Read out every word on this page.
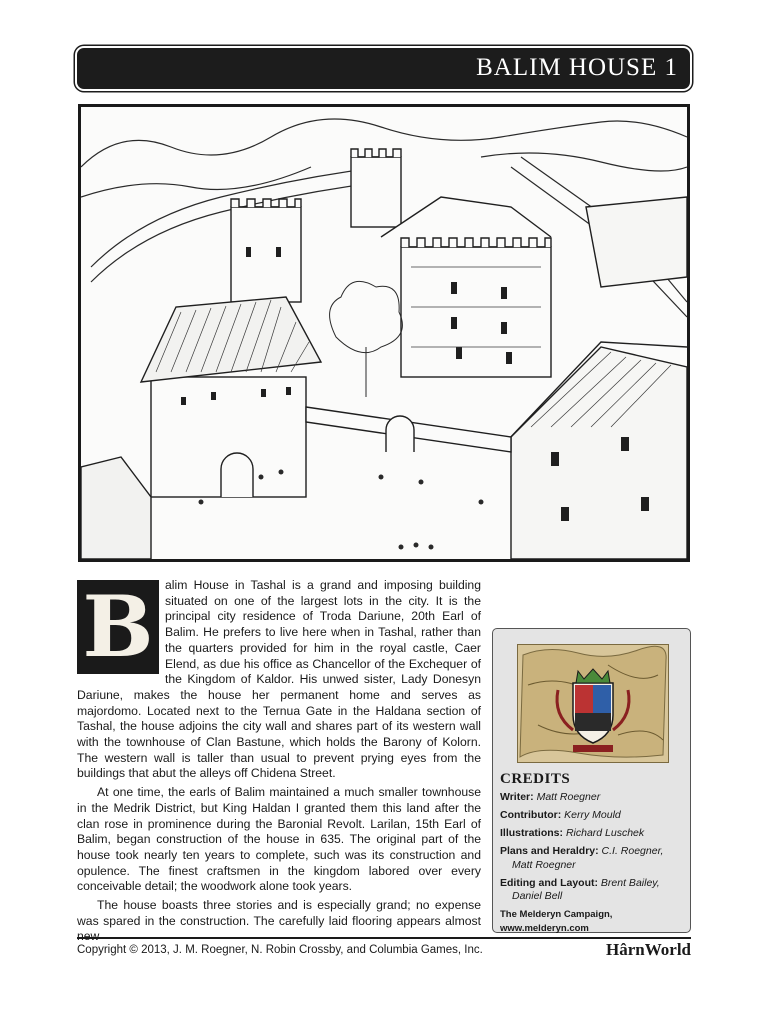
BALIM HOUSE 1
B alim House in Tashal is a grand and imposing building situated on one of the largest lots in the city. It is the principal city residence of Troda Dariune, 20th Earl of Balim. He prefers to live here when in Tashal, rather than the quarters provided for him in the royal castle, Caer Elend, as due his office as Chancellor of the Exchequer of the Kingdom of Kaldor. His unwed sister, Lady Donesyn Dariune, makes the house her permanent home and serves as majordomo. Located next to the Ternua Gate in the Haldana section of Tashal, the house adjoins the city wall and shares part of its western wall with the townhouse of Clan Bastune, which holds the Barony of Kolorn. The western wall is taller than usual to prevent prying eyes from the buildings that abut the alleys off Chidena Street.

At one time, the earls of Balim maintained a much smaller townhouse in the Medrik District, but King Haldan I granted them this land after the clan rose in prominence during the Baronial Revolt. Larilan, 15th Earl of Balim, began construction of the house in 635. The original part of the house took nearly ten years to complete, such was its construction and opulence. The finest craftsmen in the kingdom labored over every conceivable detail; the woodwork alone took years.

The house boasts three stories and is especially grand; no expense was spared in the construction. The carefully laid flooring appears almost

CREDITS
Writer: Matt Roegner
Contributor: Kerry Mould
Illustrations: Richard Luschek
Plans and Heraldry: C.I. Roegner,
Matt Roegner
Editing and Layout: Brent Bailey,
Daniel Bell
The Melderyn Campaign, www.melderyn.com
Copyright © 2013, J. M. Roegner, N. Robin Crossby, and Columbia Games, Inc.	HârnWorld
